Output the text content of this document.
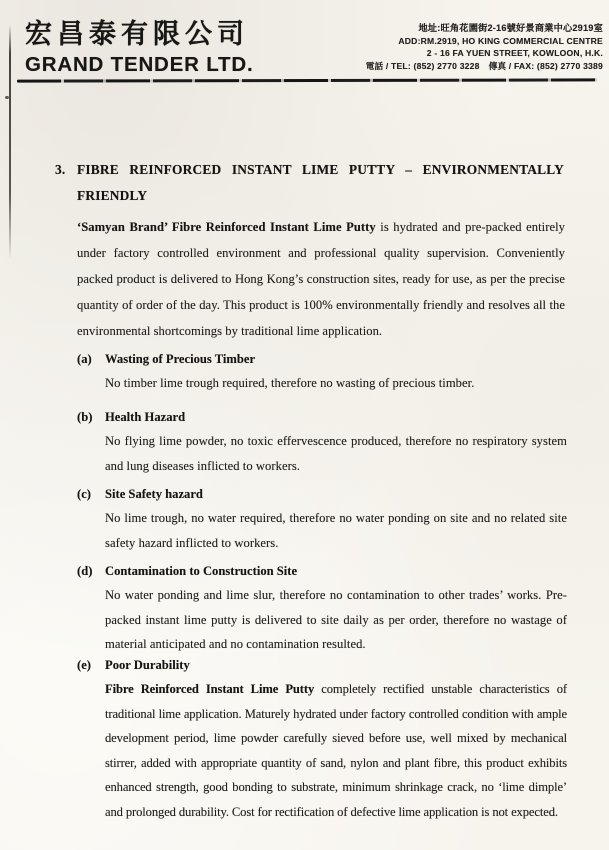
宏昌泰有限公司
GRAND TENDER LTD.
地址:旺角花園街2-16號好景商業中心2919室
ADD:RM.2919, HO KING COMMERCIAL CENTRE
2 - 16 FA YUEN STREET, KOWLOON, H.K.
電話 / TEL: (852) 2770 3228  傳真 / FAX: (852) 2770 3389
3. FIBRE REINFORCED INSTANT LIME PUTTY – ENVIRONMENTALLY
FRIENDLY
‘Samyan Brand’ Fibre Reinforced Instant Lime Putty is hydrated and pre-packed entirely under factory controlled environment and professional quality supervision. Conveniently packed product is delivered to Hong Kong’s construction sites, ready for use, as per the precise quantity of order of the day. This product is 100% environmentally friendly and resolves all the environmental shortcomings by traditional lime application.
(a)	Wasting of Precious Timber
No timber lime trough required, therefore no wasting of precious timber.
(b) Health Hazard
No flying lime powder, no toxic effervescence produced, therefore no respiratory system and lung diseases inflicted to workers.
(c)	Site Safety hazard
No lime trough, no water required, therefore no water ponding on site and no related site safety hazard inflicted to workers.
(d) Contamination to Construction Site
No water ponding and lime slur, therefore no contamination to other trades’ works. Pre-packed instant lime putty is delivered to site daily as per order, therefore no wastage of material anticipated and no contamination resulted.
(e)	Poor Durability
Fibre Reinforced Instant Lime Putty completely rectified unstable characteristics of traditional lime application. Maturely hydrated under factory controlled condition with ample development period, lime powder carefully sieved before use, well mixed by mechanical stirrer, added with appropriate quantity of sand, nylon and plant fibre, this product exhibits enhanced strength, good bonding to substrate, minimum shrinkage crack, no ‘lime dimple’ and prolonged durability. Cost for rectification of defective lime application is not expected.
